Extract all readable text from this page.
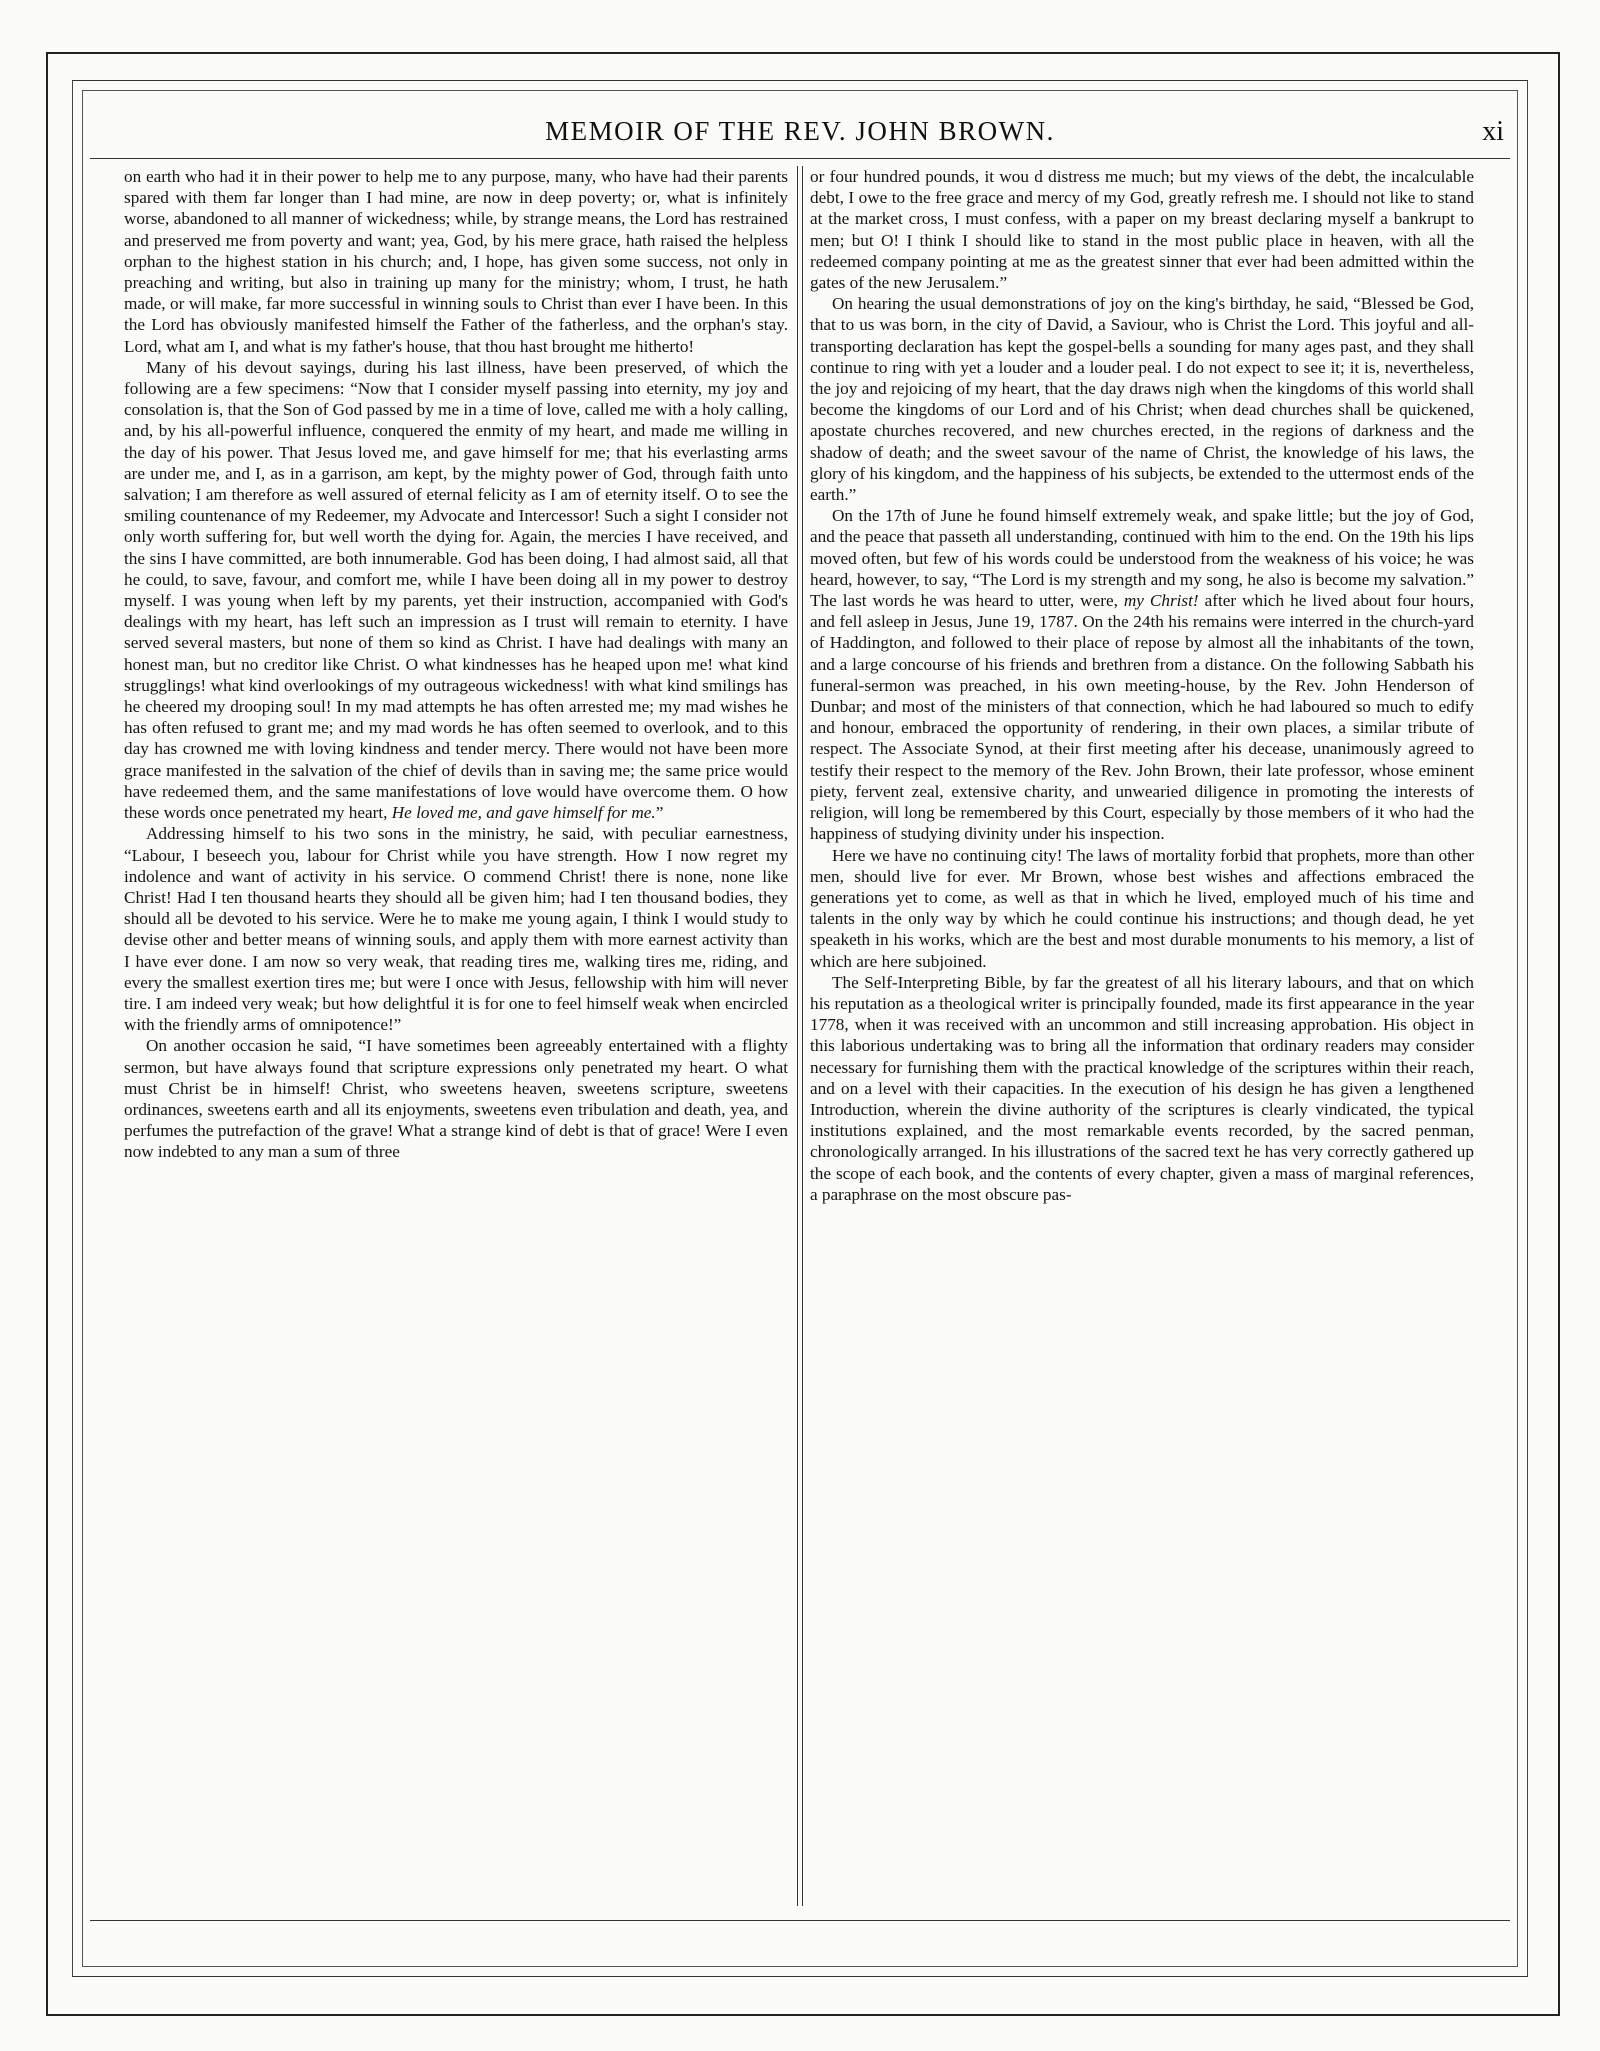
MEMOIR OF THE REV. JOHN BROWN.	xi

on earth who had it in their power to help me to any purpose, many, who have had their parents spared with them far longer than I had mine, are now in deep poverty; or, what is infinitely worse, abandoned to all manner of wickedness; while, by strange means, the Lord has restrained and preserved me from poverty and want; yea, God, by his mere grace, hath raised the helpless orphan to the highest station in his church; and, I hope, has given some success, not only in preaching and writing, but also in training up many for the ministry; whom, I trust, he hath made, or will make, far more successful in winning souls to Christ than ever I have been. In this the Lord has obviously manifested himself the Father of the fatherless, and the orphan's stay. Lord, what am I, and what is my father's house, that thou hast brought me hitherto!

Many of his devout sayings, during his last illness, have been preserved, of which the following are a few specimens: “Now that I consider myself passing into eternity, my joy and consolation is, that the Son of God passed by me in a time of love, called me with a holy calling, and, by his all-powerful influence, conquered the enmity of my heart, and made me willing in the day of his power. That Jesus loved me, and gave himself for me; that his everlasting arms are under me, and I, as in a garrison, am kept, by the mighty power of God, through faith unto salvation; I am therefore as well assured of eternal felicity as I am of eternity itself. O to see the smiling countenance of my Redeemer, my Advocate and Intercessor! Such a sight I consider not only worth suffering for, but well worth the dying for. Again, the mercies I have received, and the sins I have committed, are both innumerable. God has been doing, I had almost said, all that he could, to save, favour, and comfort me, while I have been doing all in my power to destroy myself. I was young when left by my parents, yet their instruction, accompanied with God's dealings with my heart, has left such an impression as I trust will remain to eternity. I have served several masters, but none of them so kind as Christ. I have had dealings with many an honest man, but no creditor like Christ. O what kindnesses has he heaped upon me! what kind strugglings! what kind overlookings of my outrageous wickedness! with what kind smilings has he cheered my drooping soul! In my mad attempts he has often arrested me; my mad wishes he has often refused to grant me; and my mad words he has often seemed to overlook, and to this day has crowned me with loving kindness and tender mercy. There would not have been more grace manifested in the salvation of the chief of devils than in saving me; the same price would have redeemed them, and the same manifestations of love would have overcome them. O how these words once penetrated my heart, He loved me, and gave himself for me.”

Addressing himself to his two sons in the ministry, he said, with peculiar earnestness, “Labour, I beseech you, labour for Christ while you have strength. How I now regret my indolence and want of activity in his service. O commend Christ! there is none, none like Christ! Had I ten thousand hearts they should all be given him; had I ten thousand bodies, they should all be devoted to his service. Were he to make me young again, I think I would study to devise other and better means of winning souls, and apply them with more earnest activity than I have ever done. I am now so very weak, that reading tires me, walking tires me, riding, and every the smallest exertion tires me; but were I once with Jesus, fellowship with him will never tire. I am indeed very weak; but how delightful it is for one to feel himself weak when encircled with the friendly arms of omnipotence!”

On another occasion he said, “I have sometimes been agreeably entertained with a flighty sermon, but have always found that scripture expressions only penetrated my heart. O what must Christ be in himself! Christ, who sweetens heaven, sweetens scripture, sweetens ordinances, sweetens earth and all its enjoyments, sweetens even tribulation and death, yea, and perfumes the putrefaction of the grave! What a strange kind of debt is that of grace! Were I even now indebted to any man a sum of three

or four hundred pounds, it wou d distress me much; but my views of the debt, the incalculable debt, I owe to the free grace and mercy of my God, greatly refresh me. I should not like to stand at the market cross, I must confess, with a paper on my breast declaring myself a bankrupt to men; but O! I think I should like to stand in the most public place in heaven, with all the redeemed company pointing at me as the greatest sinner that ever had been admitted within the gates of the new Jerusalem.”

On hearing the usual demonstrations of joy on the king's birthday, he said, “Blessed be God, that to us was born, in the city of David, a Saviour, who is Christ the Lord. This joyful and all-transporting declaration has kept the gospel-bells a sounding for many ages past, and they shall continue to ring with yet a louder and a louder peal. I do not expect to see it; it is, nevertheless, the joy and rejoicing of my heart, that the day draws nigh when the kingdoms of this world shall become the kingdoms of our Lord and of his Christ; when dead churches shall be quickened, apostate churches recovered, and new churches erected, in the regions of darkness and the shadow of death; and the sweet savour of the name of Christ, the knowledge of his laws, the glory of his kingdom, and the happiness of his subjects, be extended to the uttermost ends of the earth.”

On the 17th of June he found himself extremely weak, and spake little; but the joy of God, and the peace that passeth all understanding, continued with him to the end. On the 19th his lips moved often, but few of his words could be understood from the weakness of his voice; he was heard, however, to say, “The Lord is my strength and my song, he also is become my salvation.” The last words he was heard to utter, were, my Christ! after which he lived about four hours, and fell asleep in Jesus, June 19, 1787. On the 24th his remains were interred in the church-yard of Haddington, and followed to their place of repose by almost all the inhabitants of the town, and a large concourse of his friends and brethren from a distance. On the following Sabbath his funeral-sermon was preached, in his own meeting-house, by the Rev. John Henderson of Dunbar; and most of the ministers of that connection, which he had laboured so much to edify and honour, embraced the opportunity of rendering, in their own places, a similar tribute of respect. The Associate Synod, at their first meeting after his decease, unanimously agreed to testify their respect to the memory of the Rev. John Brown, their late professor, whose eminent piety, fervent zeal, extensive charity, and unwearied diligence in promoting the interests of religion, will long be remembered by this Court, especially by those members of it who had the happiness of studying divinity under his inspection.

Here we have no continuing city! The laws of mortality forbid that prophets, more than other men, should live for ever. Mr Brown, whose best wishes and affections embraced the generations yet to come, as well as that in which he lived, employed much of his time and talents in the only way by which he could continue his instructions; and though dead, he yet speaketh in his works, which are the best and most durable monuments to his memory, a list of which are here subjoined.

The Self-Interpreting Bible, by far the greatest of all his literary labours, and that on which his reputation as a theological writer is principally founded, made its first appearance in the year 1778, when it was received with an uncommon and still increasing approbation. His object in this laborious undertaking was to bring all the information that ordinary readers may consider necessary for furnishing them with the practical knowledge of the scriptures within their reach, and on a level with their capacities. In the execution of his design he has given a lengthened Introduction, wherein the divine authority of the scriptures is clearly vindicated, the typical institutions explained, and the most remarkable events recorded, by the sacred penman, chronologically arranged. In his illustrations of the sacred text he has very correctly gathered up the scope of each book, and the contents of every chapter, given a mass of marginal references, a paraphrase on the most obscure pas-
